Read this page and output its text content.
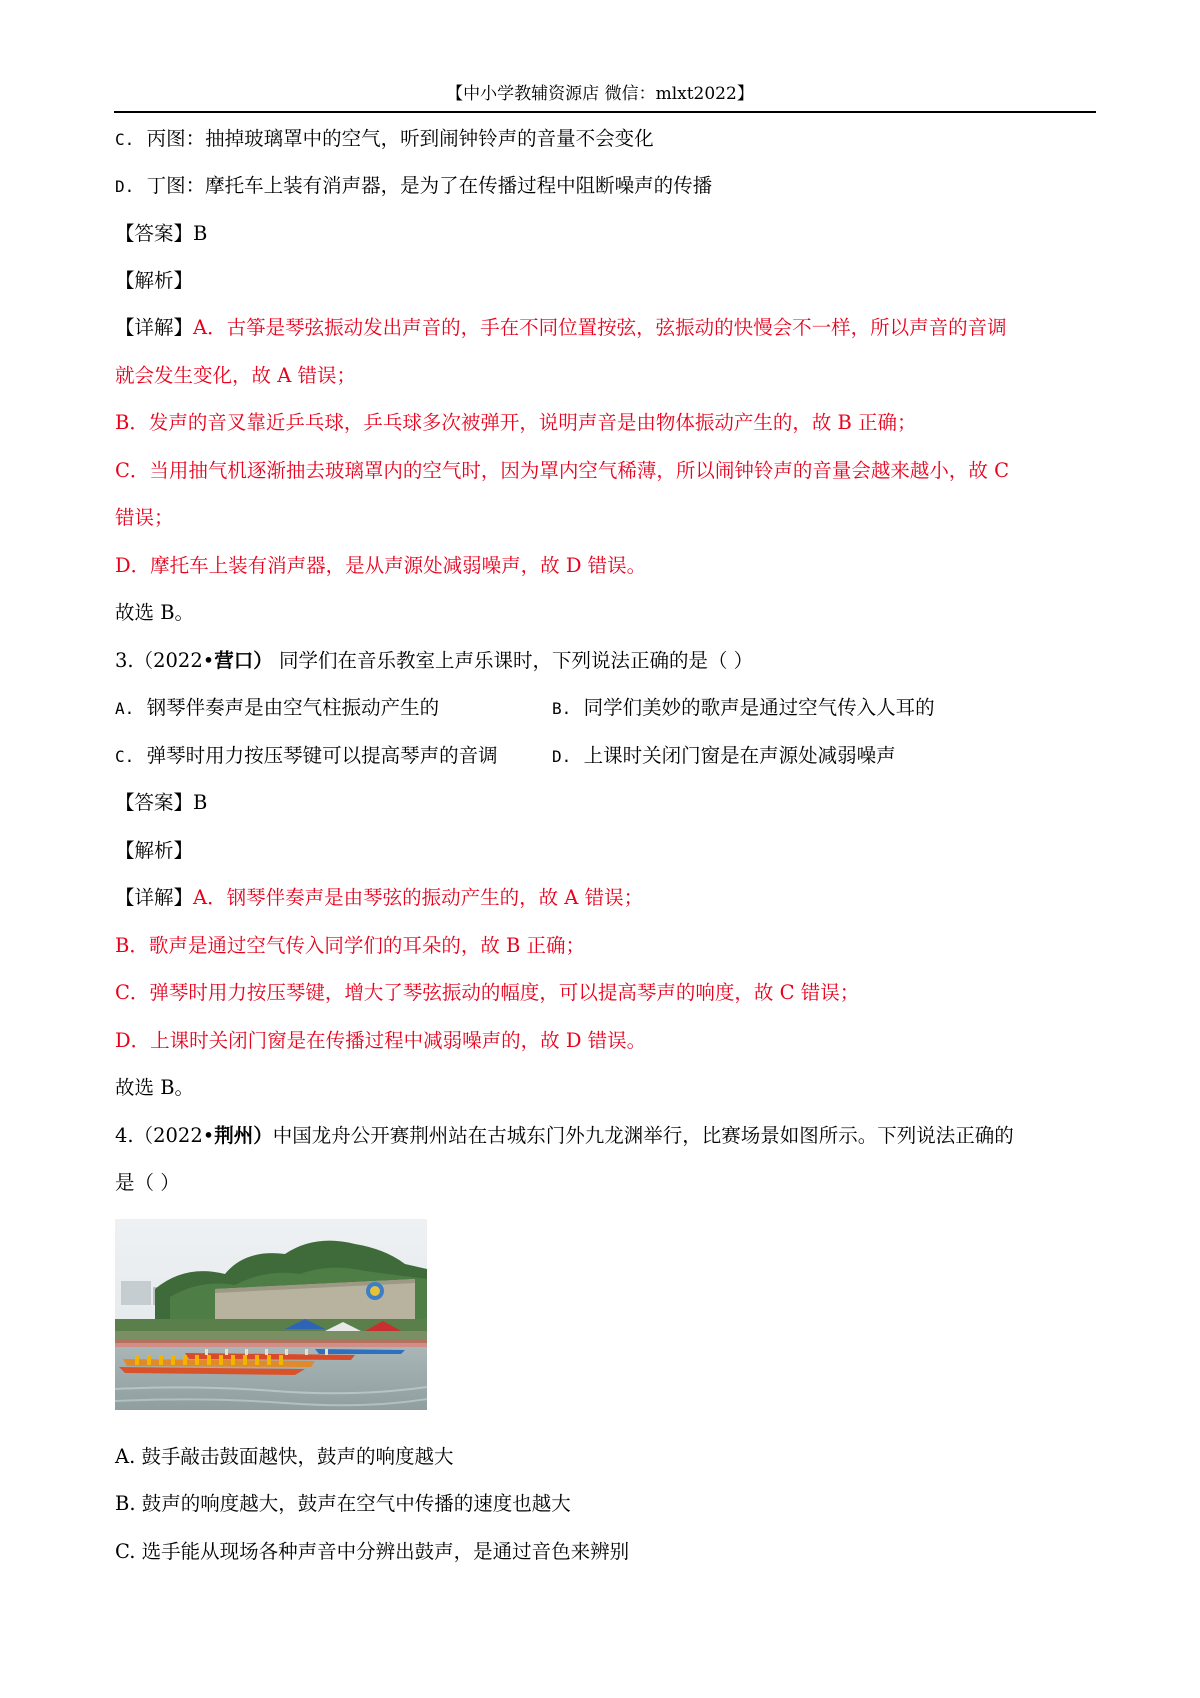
【中小学教辅资源店 微信：mlxt2022】
C. 丙图：抽掉玻璃罩中的空气，听到闹钟铃声的音量不会变化
D. 丁图：摩托车上装有消声器，是为了在传播过程中阻断噪声的传播
【答案】B
【解析】
【详解】A．古筝是琴弦振动发出声音的，手在不同位置按弦，弦振动的快慢会不一样，所以声音的音调
就会发生变化，故 A 错误；
B．发声的音叉靠近乒乓球，乒乓球多次被弹开，说明声音是由物体振动产生的，故 B 正确；
C．当用抽气机逐渐抽去玻璃罩内的空气时，因为罩内空气稀薄，所以闹钟铃声的音量会越来越小，故 C
错误；
D．摩托车上装有消声器，是从声源处减弱噪声，故 D 错误。
故选 B。
3.（2022•营口） 同学们在音乐教室上声乐课时，下列说法正确的是（ ）
A. 钢琴伴奏声是由空气柱振动产生的	B. 同学们美妙的歌声是通过空气传入人耳的
C. 弹琴时用力按压琴键可以提高琴声的音调	D. 上课时关闭门窗是在声源处减弱噪声
【答案】B
【解析】
【详解】A．钢琴伴奏声是由琴弦的振动产生的，故 A 错误；
B．歌声是通过空气传入同学们的耳朵的，故 B 正确；
C．弹琴时用力按压琴键，增大了琴弦振动的幅度，可以提高琴声的响度，故 C 错误；
D．上课时关闭门窗是在传播过程中减弱噪声的，故 D 错误。
故选 B。
4.（2022•荆州）中国龙舟公开赛荆州站在古城东门外九龙渊举行，比赛场景如图所示。下列说法正确的
是（ ）
A. 鼓手敲击鼓面越快，鼓声的响度越大
B. 鼓声的响度越大，鼓声在空气中传播的速度也越大
C. 选手能从现场各种声音中分辨出鼓声，是通过音色来辨别
